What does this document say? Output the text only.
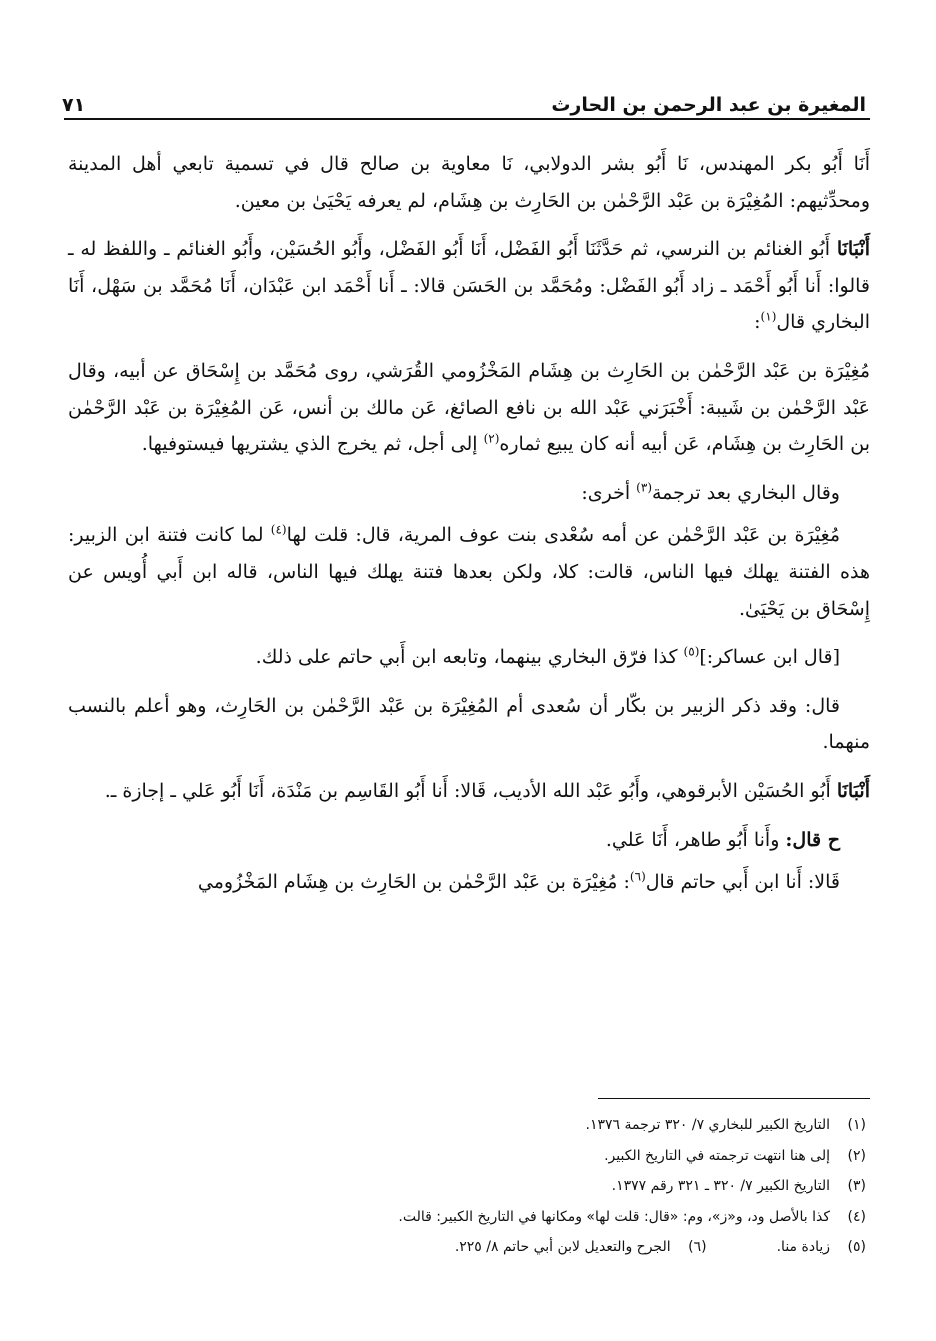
المغيرة بن عبد الرحمن بن الحارث
٧١

أَنَا أَبُو بكر المهندس، نَا أَبُو بشر الدولابي، نَا معاوية بن صالح قال في تسمية تابعي أهل المدينة ومحدِّثيهم: المُغِيْرَة بن عَبْد الرَّحْمٰن بن الحَارِث بن هِشَام، لم يعرفه يَحْيَىٰ بن معين.

أَنْبَانَا أَبُو الغنائم بن النرسي، ثم حَدَّثَنَا أَبُو الفَضْل، أَنَا أَبُو الفَضْل، وأَبُو الحُسَيْن، وأَبُو الغنائم ـ واللفظ له ـ قالوا: أَنا أَبُو أَحْمَد ـ زاد أَبُو الفَضْل: ومُحَمَّد بن الحَسَن قالا: ـ أَنا أَحْمَد ابن عَبْدَان، أَنَا مُحَمَّد بن سَهْل، أَنَا البخاري قال$^{(١)}$:

مُغِيْرَة بن عَبْد الرَّحْمٰن بن الحَارِث بن هِشَام المَخْزُومي القُرَشي، روى مُحَمَّد بن إِسْحَاق عن أبيه، وقال عَبْد الرَّحْمٰن بن شَيبة: أَخْبَرَني عَبْد الله بن نافع الصائغ، عَن مالك بن أنس، عَن المُغِيْرَة بن عَبْد الرَّحْمٰن بن الحَارِث بن هِشَام، عَن أبيه أنه كان يبيع ثماره$^{(٢)}$ إلى أجل، ثم يخرج الذي يشتريها فيستوفيها.

وقال البخاري بعد ترجمة$^{(٣)}$ أخرى:

مُغِيْرَة بن عَبْد الرَّحْمٰن عن أمه سُعْدى بنت عوف المرية، قال: قلت لها$^{(٤)}$ لما كانت فتنة ابن الزبير: هذه الفتنة يهلك فيها الناس، قالت: كلا، ولكن بعدها فتنة يهلك فيها الناس، قاله ابن أَبي أُويس عن إِسْحَاق بن يَحْيَىٰ.

[قال ابن عساكر:]$^{(٥)}$ كذا فرّق البخاري بينهما، وتابعه ابن أَبي حاتم على ذلك.

قال: وقد ذكر الزبير بن بكّار أن سُعدى أم المُغِيْرَة بن عَبْد الرَّحْمٰن بن الحَارِث، وهو أعلم بالنسب منهما.

أَنْبَانَا أَبُو الحُسَيْن الأبرقوهي، وأَبُو عَبْد الله الأديب، قَالا: أَنا أَبُو القَاسِم بن مَنْدَة، أَنَا أَبُو عَلي ـ إجازة ـ.

ح قال: وأَنا أَبُو طاهر، أَنَا عَلي.

قَالا: أَنا ابن أَبي حاتم قال$^{(٦)}$: مُغِيْرَة بن عَبْد الرَّحْمٰن بن الحَارِث بن هِشَام المَخْزُومي

(١)
التاريخ الكبير للبخاري ٧/ ٣٢٠ ترجمة ١٣٧٦.
(٢)
إلى هنا انتهت ترجمته في التاريخ الكبير.
(٣)
التاريخ الكبير ٧/ ٣٢٠ ـ ٣٢١ رقم ١٣٧٧.
(٤)
كذا بالأصل ود، و«ز»، وم: «قال: قلت لها» ومكانها في التاريخ الكبير: قالت.
(٥)
زيادة منا.
(٦)
الجرح والتعديل لابن أبي حاتم ٨/ ٢٢٥.
